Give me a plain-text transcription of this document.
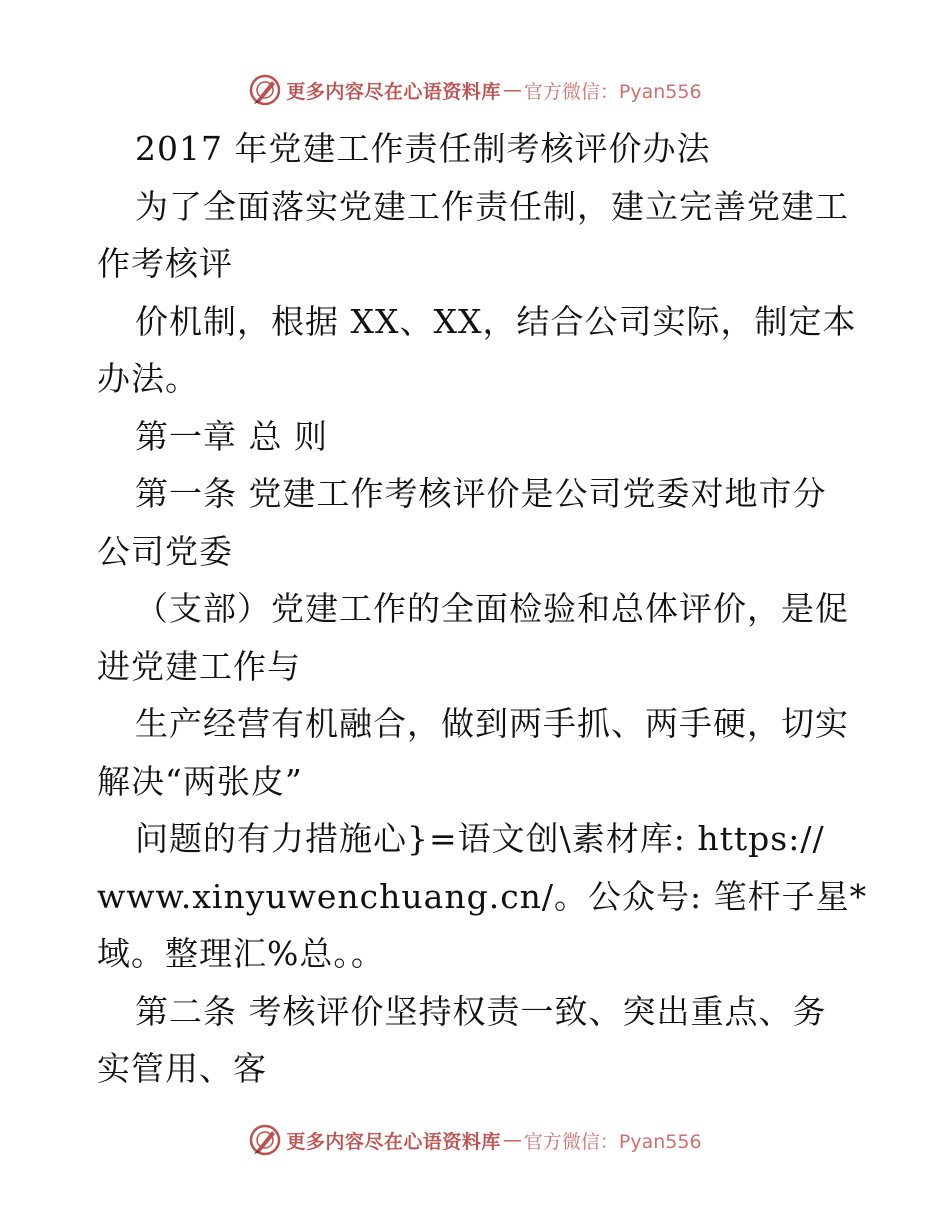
更多内容尽在心语资料库 — 官方微信：Pyan556
2017 年党建工作责任制考核评价办法
为了全面落实党建工作责任制，建立完善党建工
作考核评
价机制，根据 XX、XX，结合公司实际，制定本
办法。
第一章 总 则
第一条 党建工作考核评价是公司党委对地市分
公司党委
（支部）党建工作的全面检验和总体评价，是促
进党建工作与
生产经营有机融合，做到两手抓、两手硬，切实
解决“两张皮”
问题的有力措施心}=语文创\素材库: https://
www.xinyuwenchuang.cn/。公众号: 笔杆子星*
域。整理汇%总。。
第二条 考核评价坚持权责一致、突出重点、务
实管用、客
更多内容尽在心语资料库 — 官方微信：Pyan556
